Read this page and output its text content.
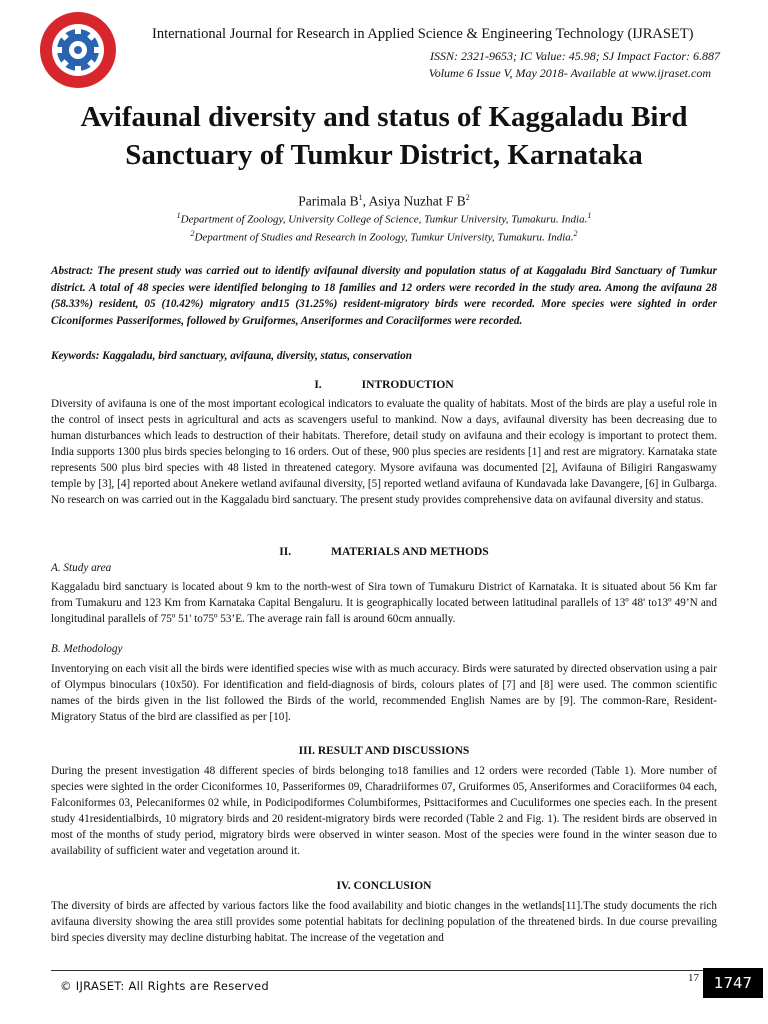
International Journal for Research in Applied Science & Engineering Technology (IJRASET)
ISSN: 2321-9653; IC Value: 45.98; SJ Impact Factor: 6.887
Volume 6 Issue V, May 2018- Available at www.ijraset.com
Avifaunal diversity and status of Kaggaladu Bird
Sanctuary of Tumkur District, Karnataka
Parimala $B^1$, Asiya Nuzhat F $B^2$
$^1$Department of Zoology, University College of Science, Tumkur University, Tumakuru. India.$^1$
$^2$Department of Studies and Research in Zoology, Tumkur University, Tumakuru. India.$^2$
Abstract: The present study was carried out to identify avifaunal diversity and population status of at Kaggaladu Bird Sanctuary of Tumkur district. A total of 48 species were identified belonging to 18 families and 12 orders were recorded in the study area. Among the avifauna 28 (58.33%) resident, 05 (10.42%) migratory and15 (31.25%) resident-migratory birds were recorded. More species were sighted in order Ciconiformes Passeriformes, followed by Gruiformes, Anseriformes and Coraciiformes were recorded.
Keywords: Kaggaladu, bird sanctuary, avifauna, diversity, status, conservation
I.	INTRODUCTION
Diversity of avifauna is one of the most important ecological indicators to evaluate the quality of habitats. Most of the birds are play a useful role in the control of insect pests in agricultural and acts as scavengers useful to mankind. Now a days, avifaunal diversity has been decreasing due to human disturbances which leads to destruction of their habitats. Therefore, detail study on avifauna and their ecology is important to protect them. India supports 1300 plus birds species belonging to 16 orders. Out of these, 900 plus species are residents [1] and rest are migratory. Karnataka state represents 500 plus bird species with 48 listed in threatened category. Mysore avifauna was documented [2], Avifauna of Biligiri Rangaswamy temple by [3], [4] reported about Anekere wetland avifaunal diversity, [5] reported wetland avifauna of Kundavada lake Davangere, [6] in Gulbarga. No research on was carried out in the Kaggaladu bird sanctuary. The present study provides comprehensive data on avifaunal diversity and status.
II.	MATERIALS AND METHODS
A. Study area
Kaggaladu bird sanctuary is located about 9 km to the north-west of Sira town of Tumakuru District of Karnataka. It is situated about 56 Km far from Tumakuru and 123 Km from Karnataka Capital Bengaluru. It is geographically located between latitudinal parallels of 13º 48' to13º 49’N and longitudinal parallels of 75º 51' to75º 53’E. The average rain fall is around 60cm annually.
B. Methodology
Inventorying on each visit all the birds were identified species wise with as much accuracy. Birds were saturated by directed observation using a pair of Olympus binoculars (10x50). For identification and field-diagnosis of birds, colours plates of [7] and [8] were used. The common scientific names of the birds given in the list followed the Birds of the world, recommended English Names are by [9]. The common-Rare, Resident-Migratory Status of the bird are classified as per [10].
III. RESULT AND DISCUSSIONS
During the present investigation 48 different species of birds belonging to18 families and 12 orders were recorded (Table 1). More number of species were sighted in the order Ciconiformes 10, Passeriformes 09, Charadriiformes 07, Gruiformes 05, Anseriformes and Coraciiformes 04 each, Falconiformes 03, Pelecaniformes 02 while, in Podicipodiformes Columbiformes, Psittaciformes and Cuculiformes one species each. In the present study 41residentialbirds, 10 migratory birds and 20 resident-migratory birds were recorded (Table 2 and Fig. 1). The resident birds are observed in most of the months of study period, migratory birds were observed in winter season. Most of the species were found in the winter season due to availability of sufficient water and vegetation around it.
IV. CONCLUSION
The diversity of birds are affected by various factors like the food availability and biotic changes in the wetlands[11].The study documents the rich avifauna diversity showing the area still provides some potential habitats for declining population of the threatened birds. In due course prevailing bird species diversity may decline disturbing habitat. The increase of the vegetation and
© IJRASET: All Rights are Reserved
17 1747
